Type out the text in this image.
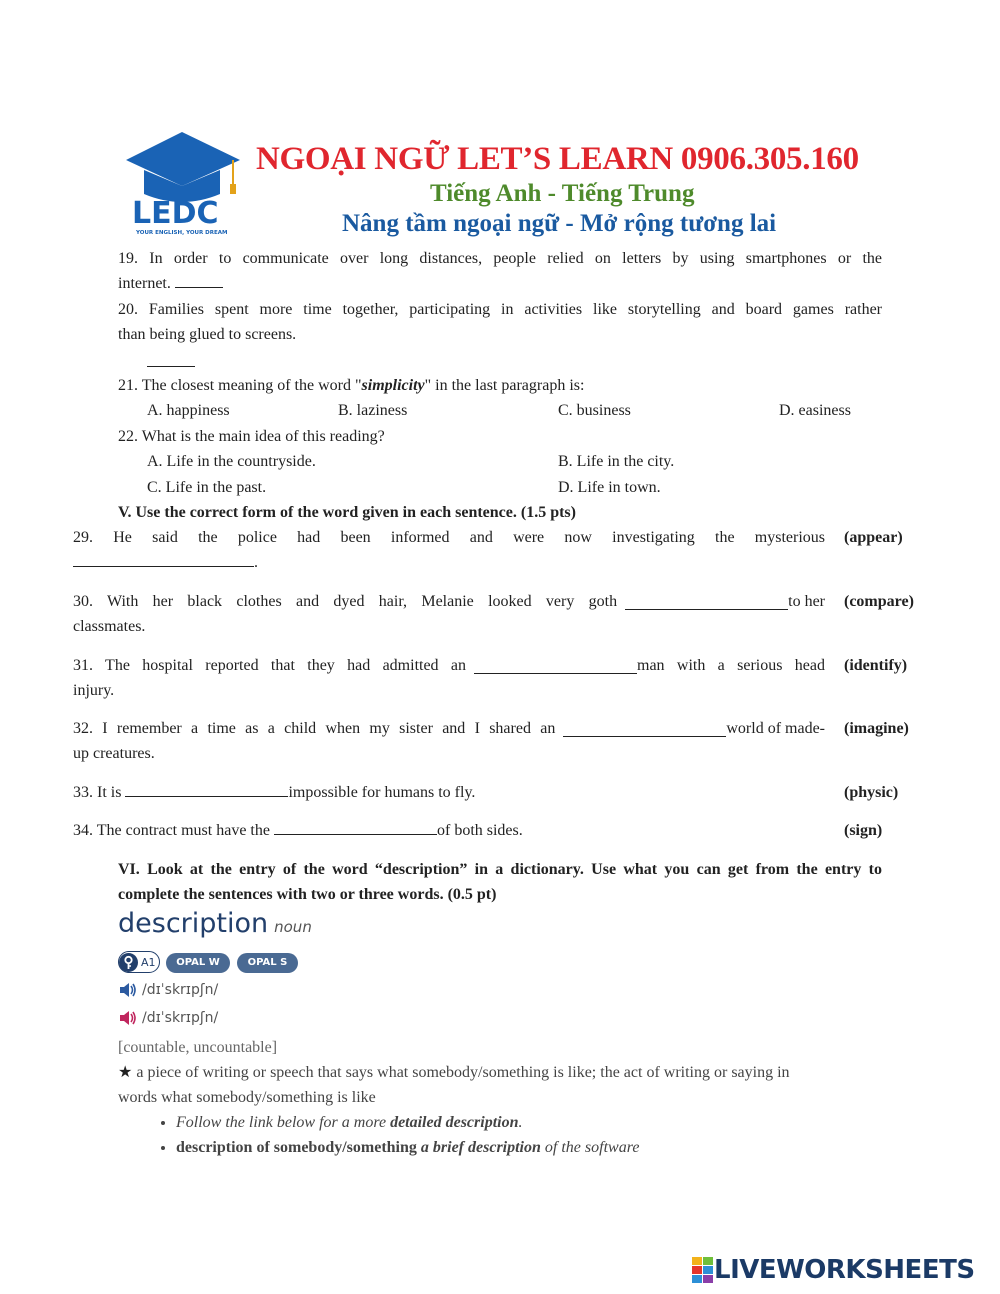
LEDC
YOUR ENGLISH, YOUR DREAM
NGOẠI NGỮ LET’S LEARN 0906.305.160
Tiếng Anh - Tiếng Trung
Nâng tầm ngoại ngữ - Mở rộng tương lai
19. In order to communicate over long distances, people relied on letters by using smartphones or the
internet.
20. Families spent more time together, participating in activities like storytelling and board games rather
than being glued to screens.
21. The closest meaning of the word "simplicity" in the last paragraph is:
A. happiness	B. laziness	C. business	D. easiness
22. What is the main idea of this reading?
A. Life in the countryside.	B. Life in the city.
C. Life in the past.	D. Life in town.
V. Use the correct form of the word given in each sentence. (1.5 pts)
29. He said the police had been informed and were now investigating the mysterious
.
(appear)
30. With her black clothes and dyed hair, Melanie looked very goth	to her
classmates.
(compare)
31. The hospital reported that they had admitted an	man with a serious head
injury.
(identify)
32. I remember a time as a child when my sister and I shared an	world of made-
up creatures.
(imagine)
33. It is	impossible for humans to fly.	(physic)
34. The contract must have the	of both sides.	(sign)
VI. Look at the entry of the word “description” in a dictionary. Use what you can get from the entry to
complete the sentences with two or three words. (0.5 pt)
description noun
A1	OPAL W	OPAL S
/dɪˈskrɪpʃn/
/dɪˈskrɪpʃn/
[countable, uncountable]
★ a piece of writing or speech that says what somebody/something is like; the act of writing or saying in
words what somebody/something is like
• Follow the link below for a more detailed description.
• description of somebody/something a brief description of the software
LIVEWORKSHEETS
